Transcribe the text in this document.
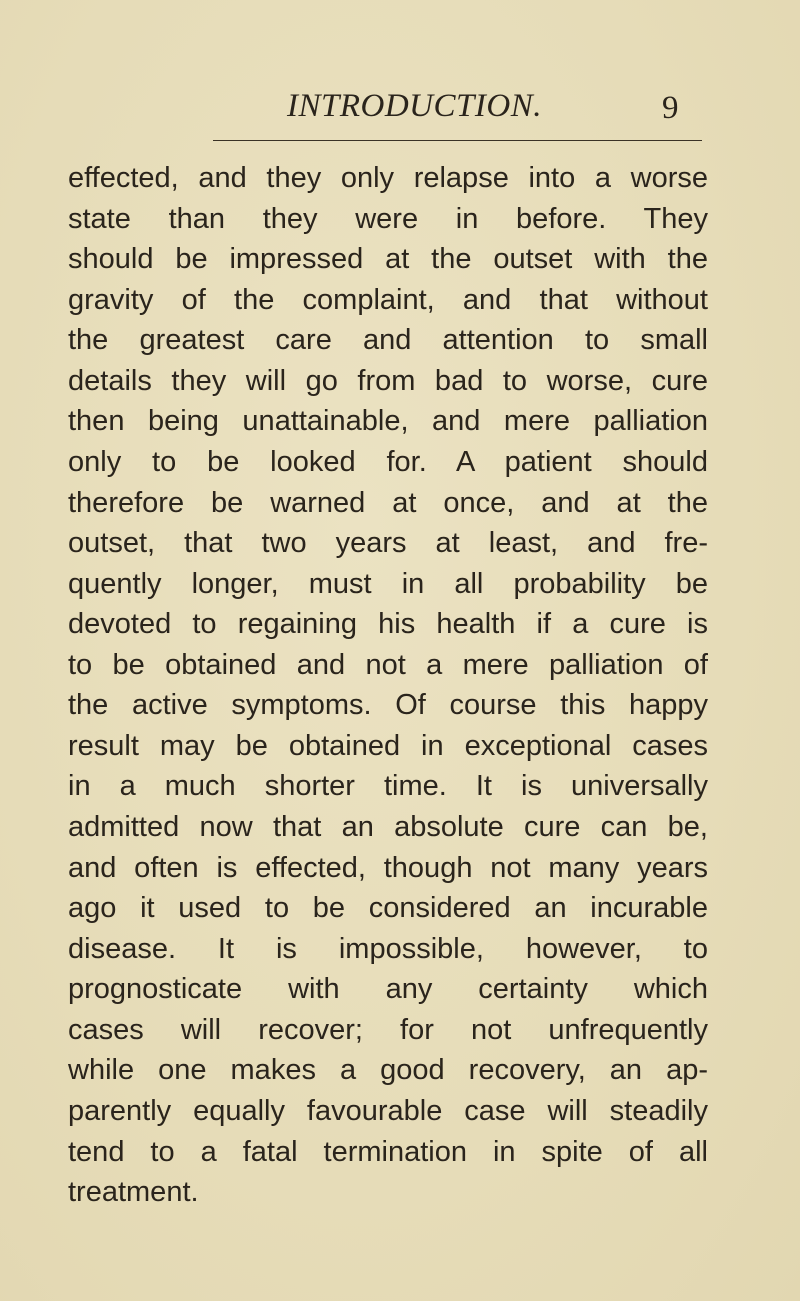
INTRODUCTION.	9
effected, and they only relapse into a worse
state than they were in before. They
should be impressed at the outset with the
gravity of the complaint, and that without
the greatest care and attention to small
details they will go from bad to worse, cure
then being unattainable, and mere palliation
only to be looked for. A patient should
therefore be warned at once, and at the
outset, that two years at least, and fre-
quently longer, must in all probability be
devoted to regaining his health if a cure is
to be obtained and not a mere palliation of
the active symptoms. Of course this happy
result may be obtained in exceptional cases
in a much shorter time. It is universally
admitted now that an absolute cure can be,
and often is effected, though not many years
ago it used to be considered an incurable
disease. It is impossible, however, to
prognosticate with any certainty which
cases will recover; for not unfrequently
while one makes a good recovery, an ap-
parently equally favourable case will steadily
tend to a fatal termination in spite of all
treatment.
